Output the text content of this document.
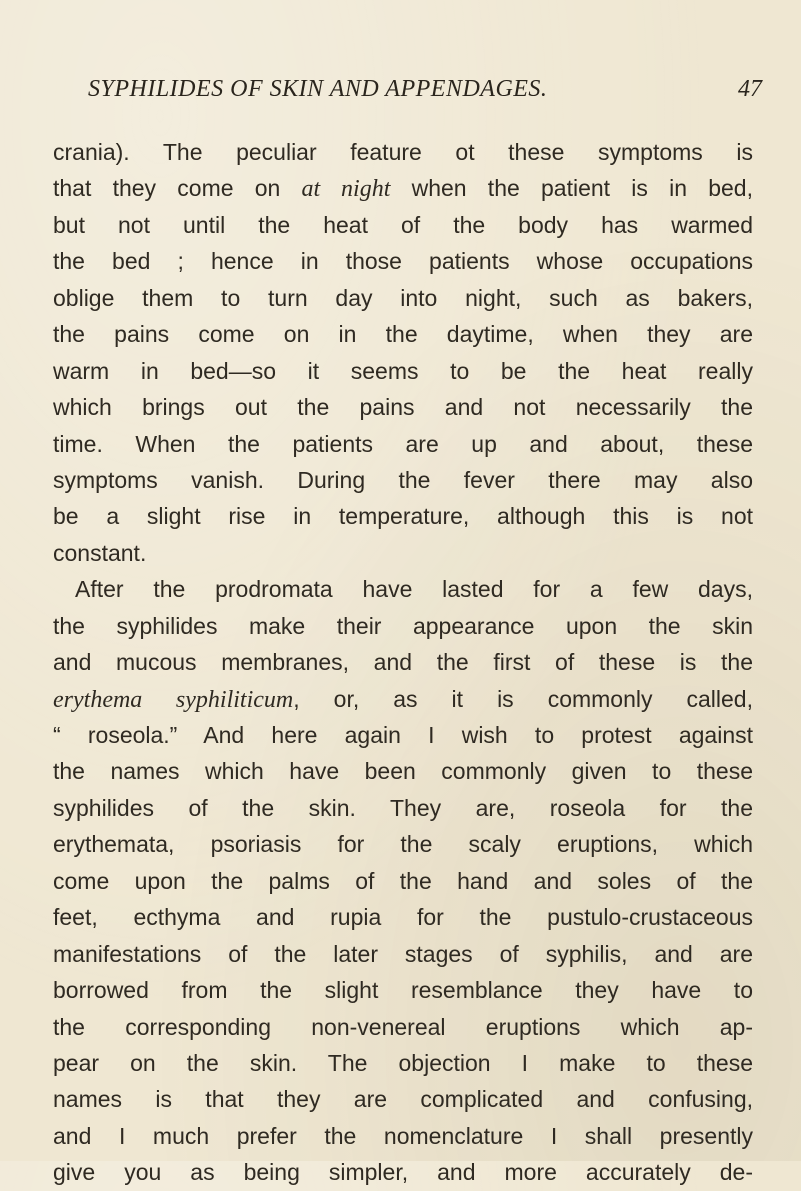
SYPHILIDES OF SKIN AND APPENDAGES.	47
crania). The peculiar feature ot these symptoms is
that they come on at night when the patient is in bed,
but not until the heat of the body has warmed
the bed ; hence in those patients whose occupations
oblige them to turn day into night, such as bakers,
the pains come on in the daytime, when they are
warm in bed—so it seems to be the heat really
which brings out the pains and not necessarily the
time. When the patients are up and about, these
symptoms vanish. During the fever there may also
be a slight rise in temperature, although this is not
constant.
After the prodromata have lasted for a few days,
the syphilides make their appearance upon the skin
and mucous membranes, and the first of these is the
erythema syphiliticum, or, as it is commonly called,
“ roseola.” And here again I wish to protest against
the names which have been commonly given to these
syphilides of the skin. They are, roseola for the
erythemata, psoriasis for the scaly eruptions, which
come upon the palms of the hand and soles of the
feet, ecthyma and rupia for the pustulo-crustaceous
manifestations of the later stages of syphilis, and are
borrowed from the slight resemblance they have to
the corresponding non-venereal eruptions which ap-
pear on the skin. The objection I make to these
names is that they are complicated and confusing,
and I much prefer the nomenclature I shall presently
give you as being simpler, and more accurately de-
